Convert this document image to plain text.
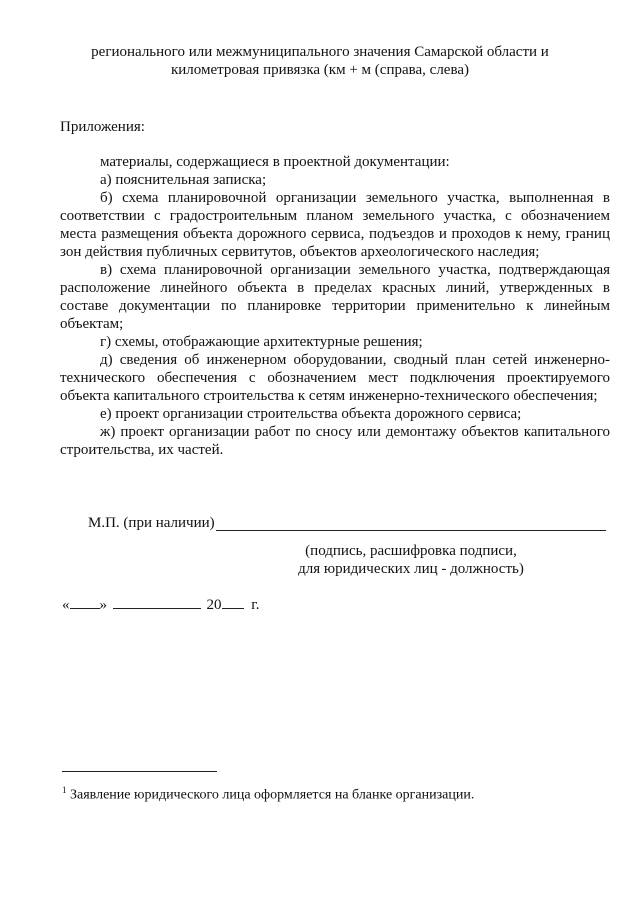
регионального или межмуниципального значения Самарской области и
километровая привязка (км + м (справа, слева)
Приложения:

материалы, содержащиеся в проектной документации:

а) пояснительная записка;

б) схема планировочной организации земельного участка, выполненная в соответствии с градостроительным планом земельного участка, с обозначением места размещения объекта дорожного сервиса, подъездов и проходов к нему, границ зон действия публичных сервитутов, объектов археологического наследия;

в) схема планировочной организации земельного участка, подтверждающая расположение линейного объекта в пределах красных линий, утвержденных в составе документации по планировке территории применительно к линейным объектам;

г) схемы, отображающие архитектурные решения;

д) сведения об инженерном оборудовании, сводный план сетей инженерно-технического обеспечения с обозначением мест подключения проектируемого объекта капитального строительства к сетям инженерно-технического обеспечения;

е) проект организации строительства объекта дорожного сервиса;

ж) проект организации работ по сносу или демонтажу объектов капитального строительства, их частей.

М.П. (при наличии)
(подпись, расшифровка подписи,
для юридических лиц - должность)
« »	20 г.
$^1$ Заявление юридического лица оформляется на бланке организации.
